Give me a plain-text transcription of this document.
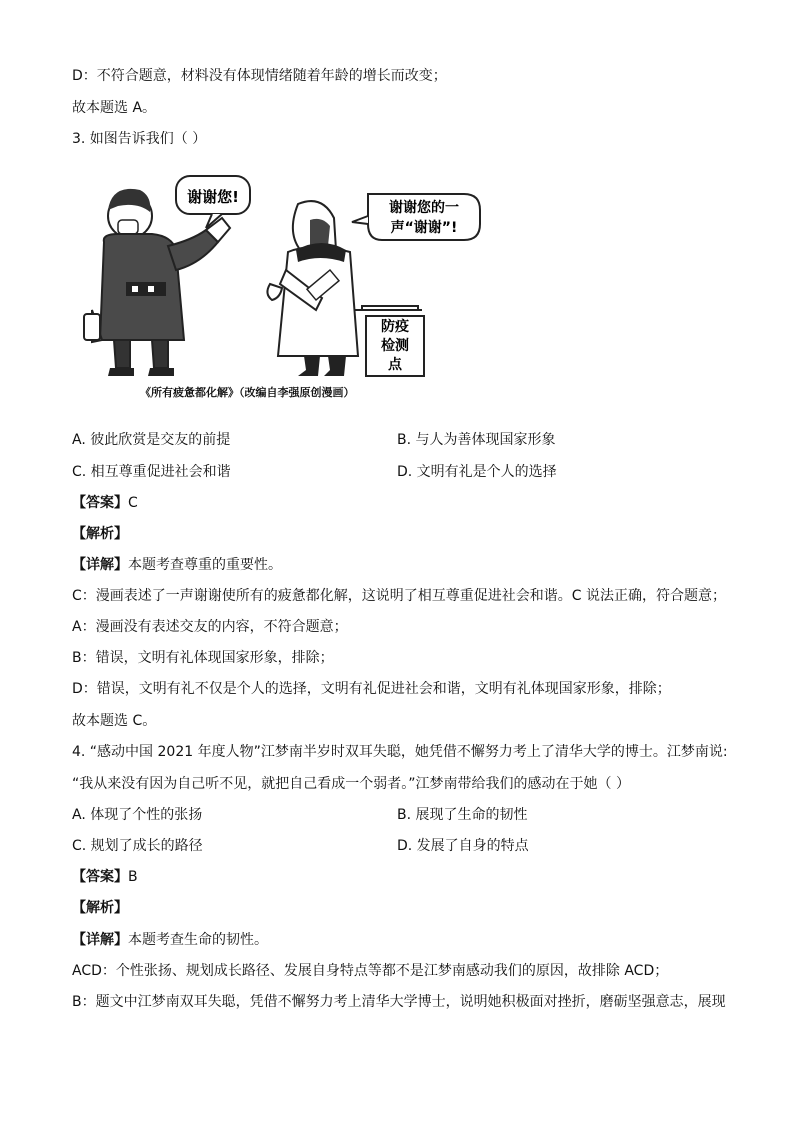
D：不符合题意，材料没有体现情绪随着年龄的增长而改变；
故本题选 A。
3. 如图告诉我们（ ）
谢谢您!
谢谢您的一
声“谢谢”!
防疫
检测
点
《所有疲惫都化解》（改编自李强原创漫画）
A. 彼此欣赏是交友的前提	B. 与人为善体现国家形象
C. 相互尊重促进社会和谐	D. 文明有礼是个人的选择
【答案】C
【解析】
【详解】本题考查尊重的重要性。
C：漫画表述了一声谢谢使所有的疲惫都化解，这说明了相互尊重促进社会和谐。C 说法正确，符合题意；
A：漫画没有表述交友的内容，不符合题意；
B：错误，文明有礼体现国家形象，排除；
D：错误，文明有礼不仅是个人的选择，文明有礼促进社会和谐，文明有礼体现国家形象，排除；
故本题选 C。
4. “感动中国 2021 年度人物”江梦南半岁时双耳失聪，她凭借不懈努力考上了清华大学的博士。江梦南说:
“我从来没有因为自己听不见，就把自己看成一个弱者。”江梦南带给我们的感动在于她（ ）
A. 体现了个性的张扬	B. 展现了生命的韧性
C. 规划了成长的路径	D. 发展了自身的特点
【答案】B
【解析】
【详解】本题考查生命的韧性。
ACD：个性张扬、规划成长路径、发展自身特点等都不是江梦南感动我们的原因，故排除 ACD；
B：题文中江梦南双耳失聪，凭借不懈努力考上清华大学博士，说明她积极面对挫折，磨砺坚强意志，展现
